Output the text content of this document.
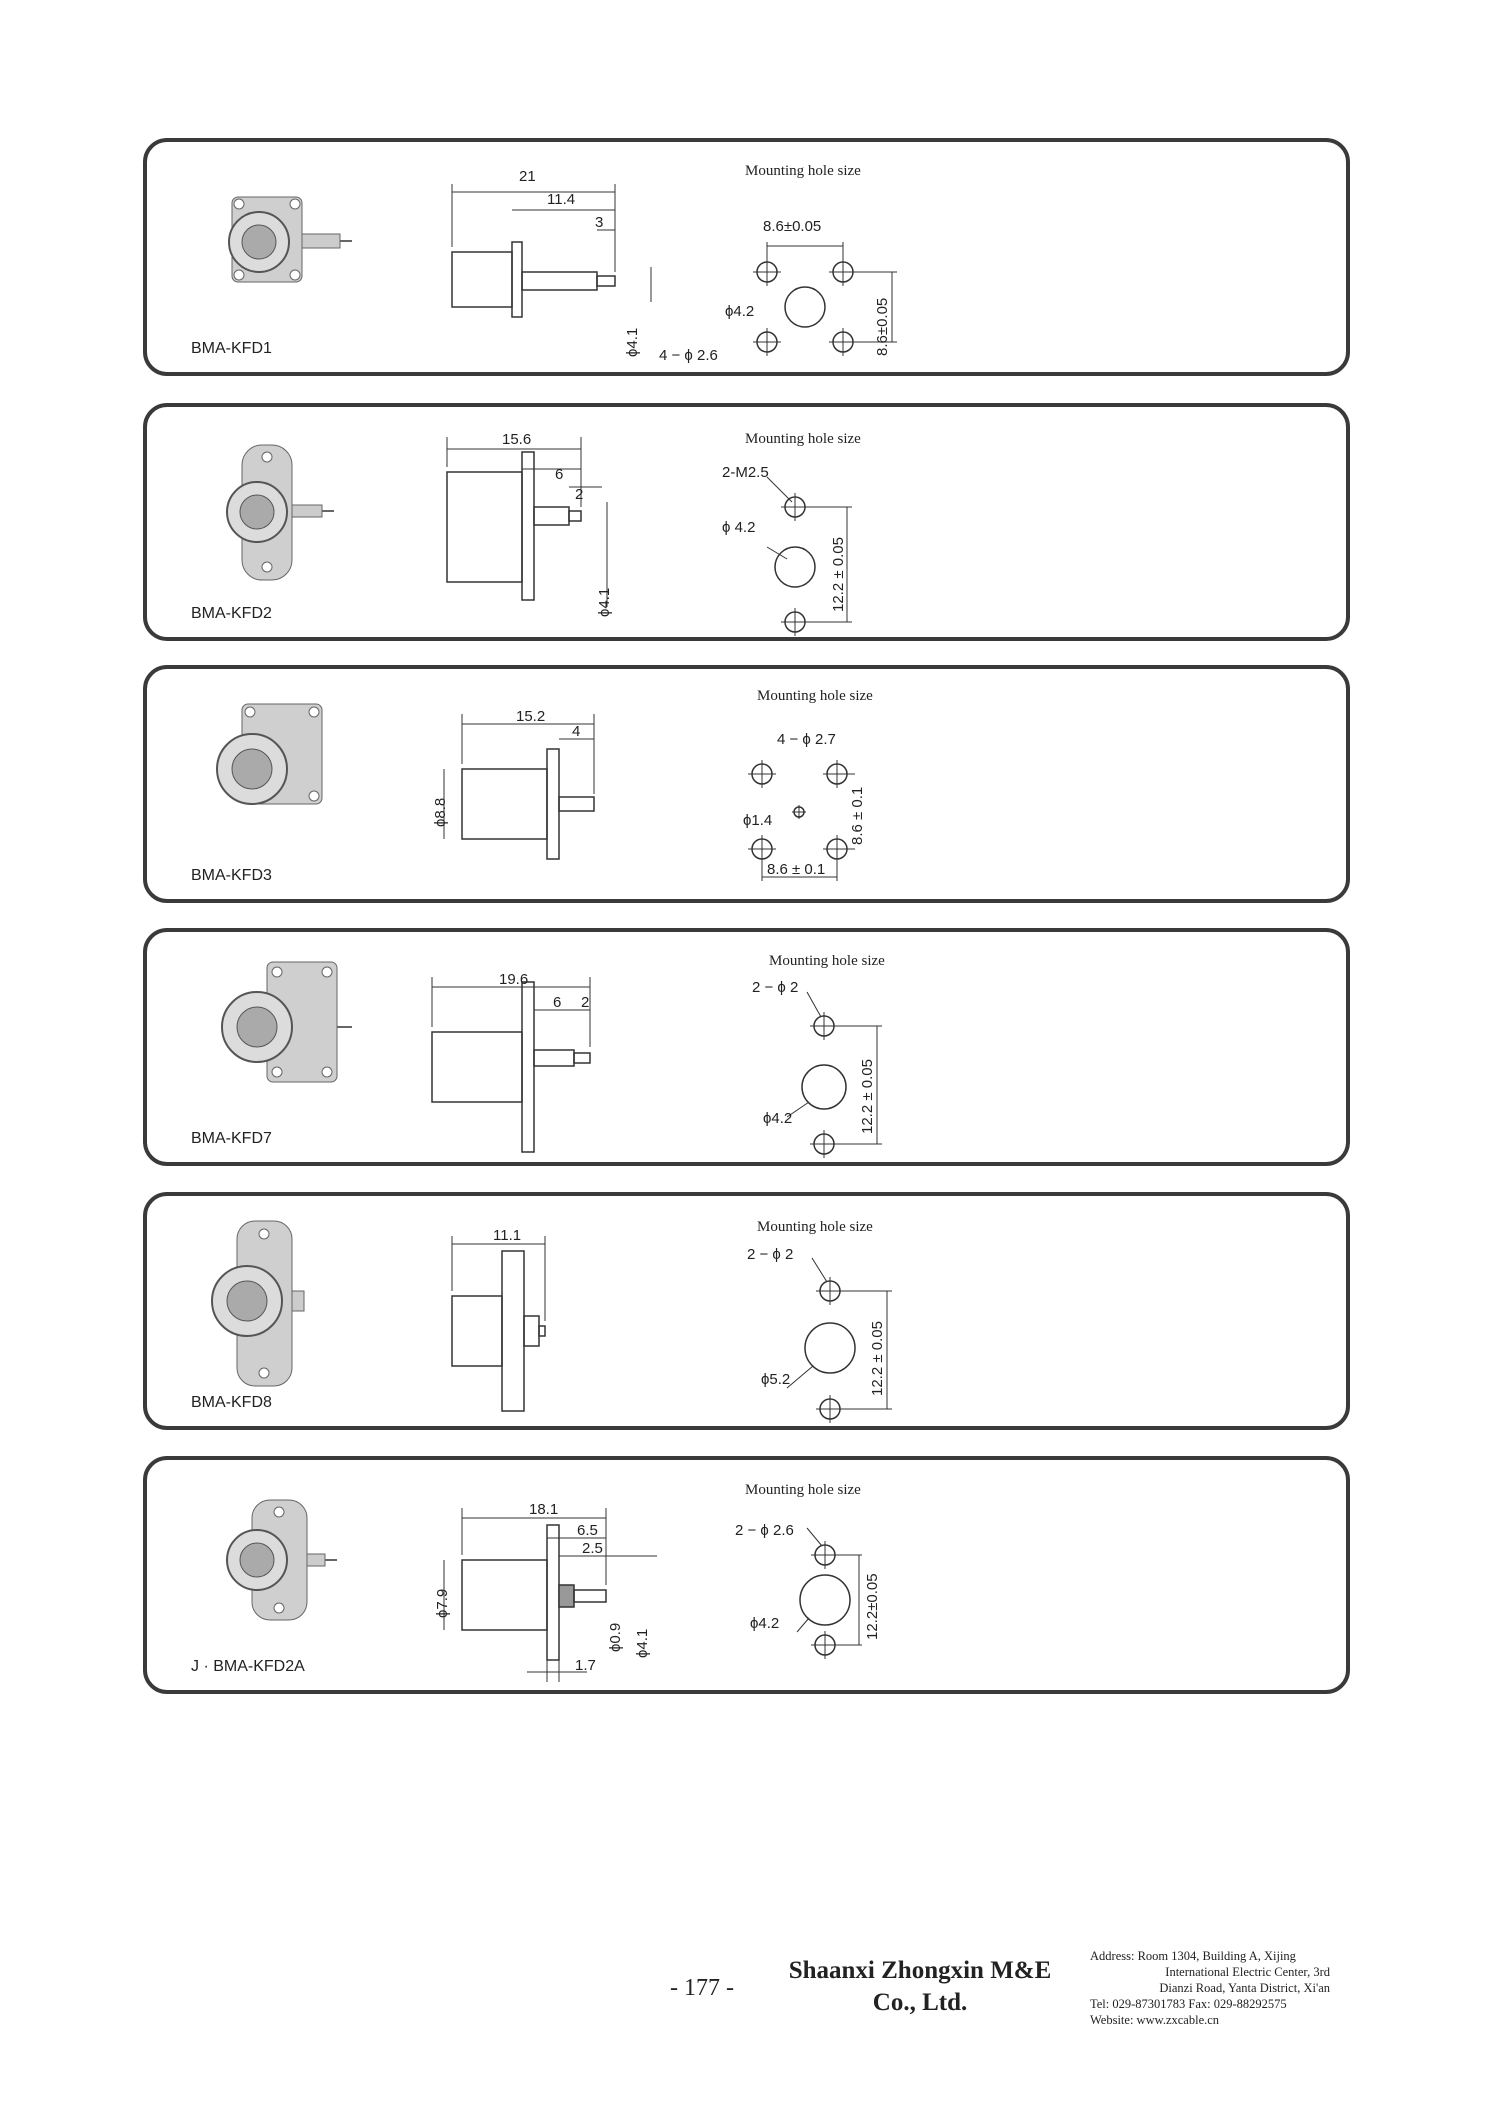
21
11.4
3
ϕ4.1
8.6±0.05
ϕ4.2
4 − ϕ 2.6	8.6±0.05
Mounting hole size
BMA-KFD1
15.6
6
2
ϕ4.1
2-M2.5
ϕ 4.2
12.2 ± 0.05
Mounting hole size
BMA-KFD2
15.2
4
ϕ8.8
4 − ϕ 2.7
ϕ1.4
8.6 ± 0.1
8.6 ± 0.1
Mounting hole size
BMA-KFD3
19.6
6 2
2 − ϕ 2
ϕ4.2	12.2 ± 0.05
Mounting hole size
BMA-KFD7
11.1
2 − ϕ 2
ϕ5.2	12.2 ± 0.05
Mounting hole size
BMA-KFD8
18.1
6.5
2.5
ϕ7.9
ϕ0.9 ϕ4.1
1.7
2 − ϕ 2.6
ϕ4.2	12.2±0.05
Mounting hole size
J · BMA-KFD2A
- 177 -
Shaanxi Zhongxin M&E
Co., Ltd.
Address: Room 1304, Building A, Xijing
International Electric Center, 3rd
Dianzi Road, Yanta District, Xi'an
Tel: 029-87301783 Fax: 029-88292575
Website: www.zxcable.cn
